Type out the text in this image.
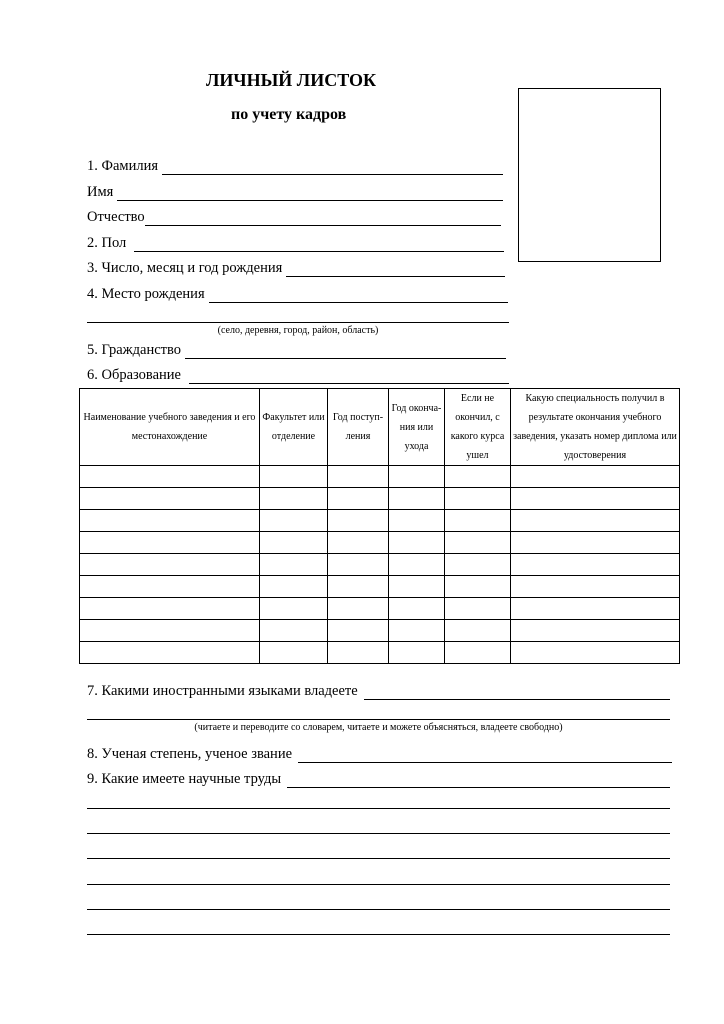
ЛИЧНЫЙ ЛИСТОК
по учету кадров
1. Фамилия
Имя
Отчество
2. Пол
3. Число, месяц и год рождения
4. Место рождения
(село, деревня, город, район, область)
5. Гражданство
6. Образование
Наименование учебного заведения и его местонахождение	Факультет или отделение	Год поступ-ления	Год оконча-ния или ухода	Если не окончил, с какого курса ушел	Какую специальность получил в результате окончания учебного заведения, указать номер диплома или удостоверения

7. Какими иностранными языками владеете
(читаете и переводите со словарем, читаете и можете объясняться, владеете свободно)
8. Ученая степень, ученое звание
9. Какие имеете научные труды
